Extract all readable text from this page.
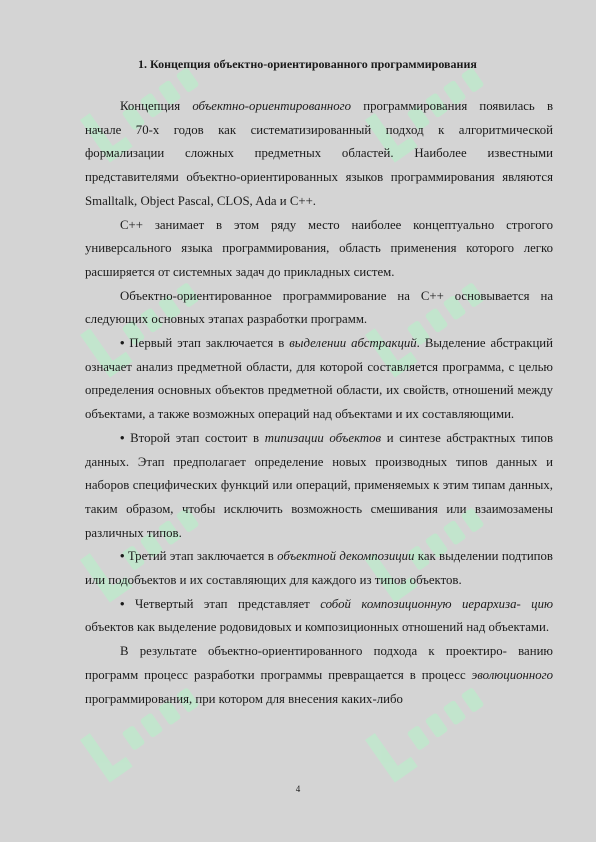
1. Концепция объектно-ориентированного программирования

Концепция объектно-ориентированного программирования появилась в начале 70-х годов как систематизированный подход к алгоритмической формализации сложных предметных областей. Наиболее известными представителями объектно-ориентированных языков программирования являются Smalltalk, Object Pascal, CLOS, Ada и С++.

С++ занимает в этом ряду место наиболее концептуально строгого универсального языка программирования, область применения которого легко расширяется от системных задач до прикладных систем.

Объектно-ориентированное программирование на С++ основывается на следующих основных этапах разработки программ.

• Первый этап заключается в выделении абстракций. Выделение абстракций означает анализ предметной области, для которой составляется программа, с целью определения основных объектов предметной области, их свойств, отношений между объектами, а также возможных операций над объектами и их составляющими.

• Второй этап состоит в типизации объектов и синтезе абстрактных типов данных. Этап предполагает определение новых производных типов данных и наборов специфических функций или операций, применяемых к этим типам данных, таким образом, чтобы исключить возможность смешивания или взаимозамены различных типов.

• Третий этап заключается в объектной декомпозиции как выделении подтипов или подобъектов и их составляющих для каждого из типов объектов.

• Четвертый этап представляет собой композиционную иерархиза- цию объектов как выделение родовидовых и композиционных отношений над объектами.

В результате объектно-ориентированного подхода к проектиро- ванию программ процесс разработки программы превращается в процесс эволюционного программирования, при котором для внесения каких-либо

4
